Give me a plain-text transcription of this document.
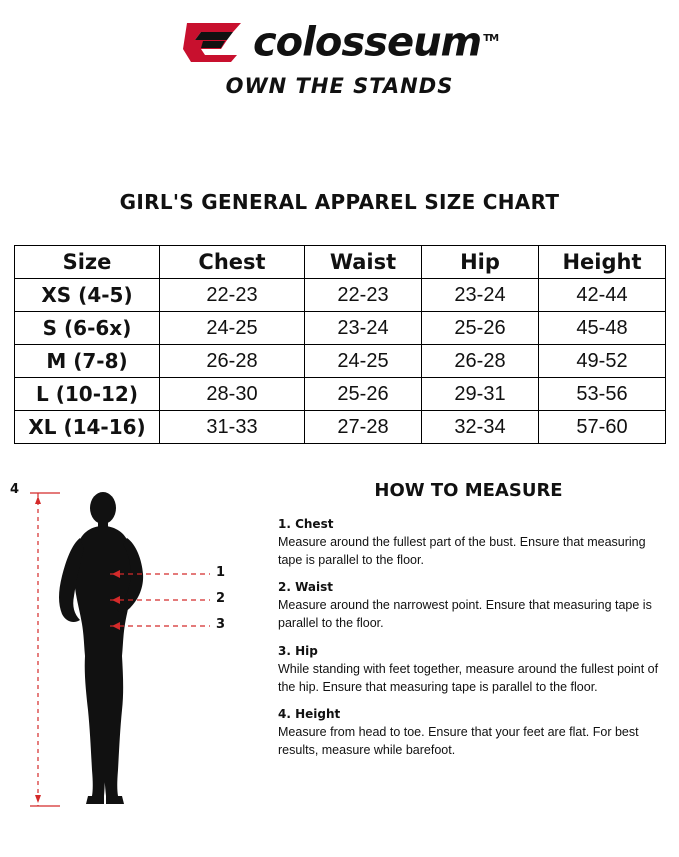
colosseum ™
OWN THE STANDS
GIRL'S GENERAL APPAREL SIZE CHART
Size	Chest	Waist	Hip	Height
XS (4-5)	22-23	22-23	23-24	42-44
S (6-6x)	24-25	23-24	25-26	45-48
M (7-8)	26-28	24-25	26-28	49-52
L (10-12)	28-30	25-26	29-31	53-56
XL (14-16)	31-33	27-28	32-34	57-60
4
1
2
3
HOW TO MEASURE
1. Chest
Measure around the fullest part of the bust. Ensure that measuring tape is parallel to the floor.
2. Waist
Measure around the narrowest point. Ensure that measuring tape is parallel to the floor.
3. Hip
While standing with feet together, measure around the fullest point of the hip. Ensure that measuring tape is parallel to the floor.
4. Height
Measure from head to toe. Ensure that your feet are flat. For best results, measure while barefoot.
